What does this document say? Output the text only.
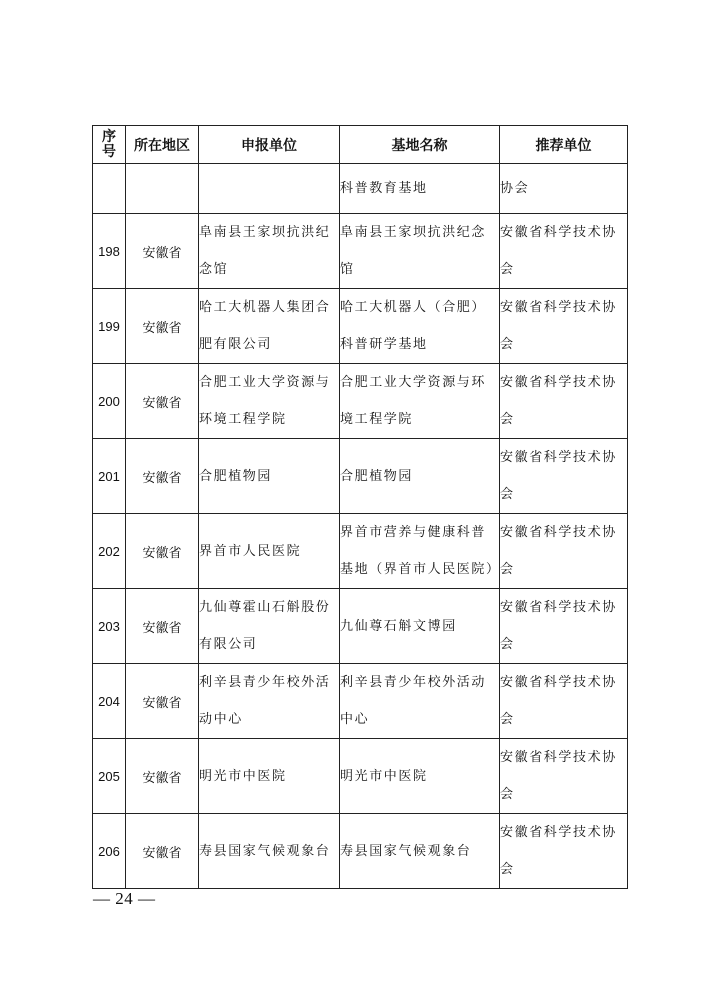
序
号	所在地区	申报单位	基地名称	推荐单位
			科普教育基地	协会
198	安徽省	阜南县王家坝抗洪纪念馆	阜南县王家坝抗洪纪念馆	安徽省科学技术协会
199	安徽省	哈工大机器人集团合肥有限公司	哈工大机器人（合肥）科普研学基地	安徽省科学技术协会
200	安徽省	合肥工业大学资源与环境工程学院	合肥工业大学资源与环境工程学院	安徽省科学技术协会
201	安徽省	合肥植物园	合肥植物园	安徽省科学技术协会
202	安徽省	界首市人民医院	界首市营养与健康科普基地（界首市人民医院）	安徽省科学技术协会
203	安徽省	九仙尊霍山石斛股份有限公司	九仙尊石斛文博园	安徽省科学技术协会
204	安徽省	利辛县青少年校外活动中心	利辛县青少年校外活动中心	安徽省科学技术协会
205	安徽省	明光市中医院	明光市中医院	安徽省科学技术协会
206	安徽省	寿县国家气候观象台	寿县国家气候观象台	安徽省科学技术协会
— 24 —
